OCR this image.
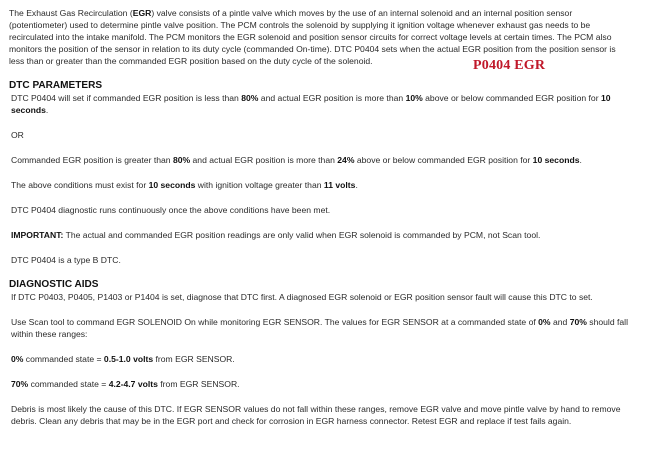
The Exhaust Gas Recirculation (EGR) valve consists of a pintle valve which moves by the use of an internal solenoid and an internal position sensor (potentiometer) used to determine pintle valve position. The PCM controls the solenoid by supplying it ignition voltage whenever exhaust gas needs to be recirculated into the intake manifold. The PCM monitors the EGR solenoid and position sensor circuits for correct voltage levels at certain times. The PCM also monitors the position of the sensor in relation to its duty cycle (commanded On-time). DTC P0404 sets when the actual EGR position from the position sensor is less than or greater than the commanded EGR position based on the duty cycle of the solenoid.

DTC PARAMETERS

DTC P0404 will set if commanded EGR position is less than 80% and actual EGR position is more than 10% above or below commanded EGR position for 10 seconds.

OR

Commanded EGR position is greater than 80% and actual EGR position is more than 24% above or below commanded EGR position for 10 seconds.

The above conditions must exist for 10 seconds with ignition voltage greater than 11 volts.

DTC P0404 diagnostic runs continuously once the above conditions have been met.

IMPORTANT: The actual and commanded EGR position readings are only valid when EGR solenoid is commanded by PCM, not Scan tool.

DTC P0404 is a type B DTC.

DIAGNOSTIC AIDS

If DTC P0403, P0405, P1403 or P1404 is set, diagnose that DTC first. A diagnosed EGR solenoid or EGR position sensor fault will cause this DTC to set.

Use Scan tool to command EGR SOLENOID On while monitoring EGR SENSOR. The values for EGR SENSOR at a commanded state of 0% and 70% should fall within these ranges:

0% commanded state = 0.5-1.0 volts from EGR SENSOR.

70% commanded state = 4.2-4.7 volts from EGR SENSOR.

Debris is most likely the cause of this DTC. If EGR SENSOR values do not fall within these ranges, remove EGR valve and move pintle valve by hand to remove debris. Clean any debris that may be in the EGR port and check for corrosion in EGR harness connector. Retest EGR and replace if test fails again.

P0404 EGR
